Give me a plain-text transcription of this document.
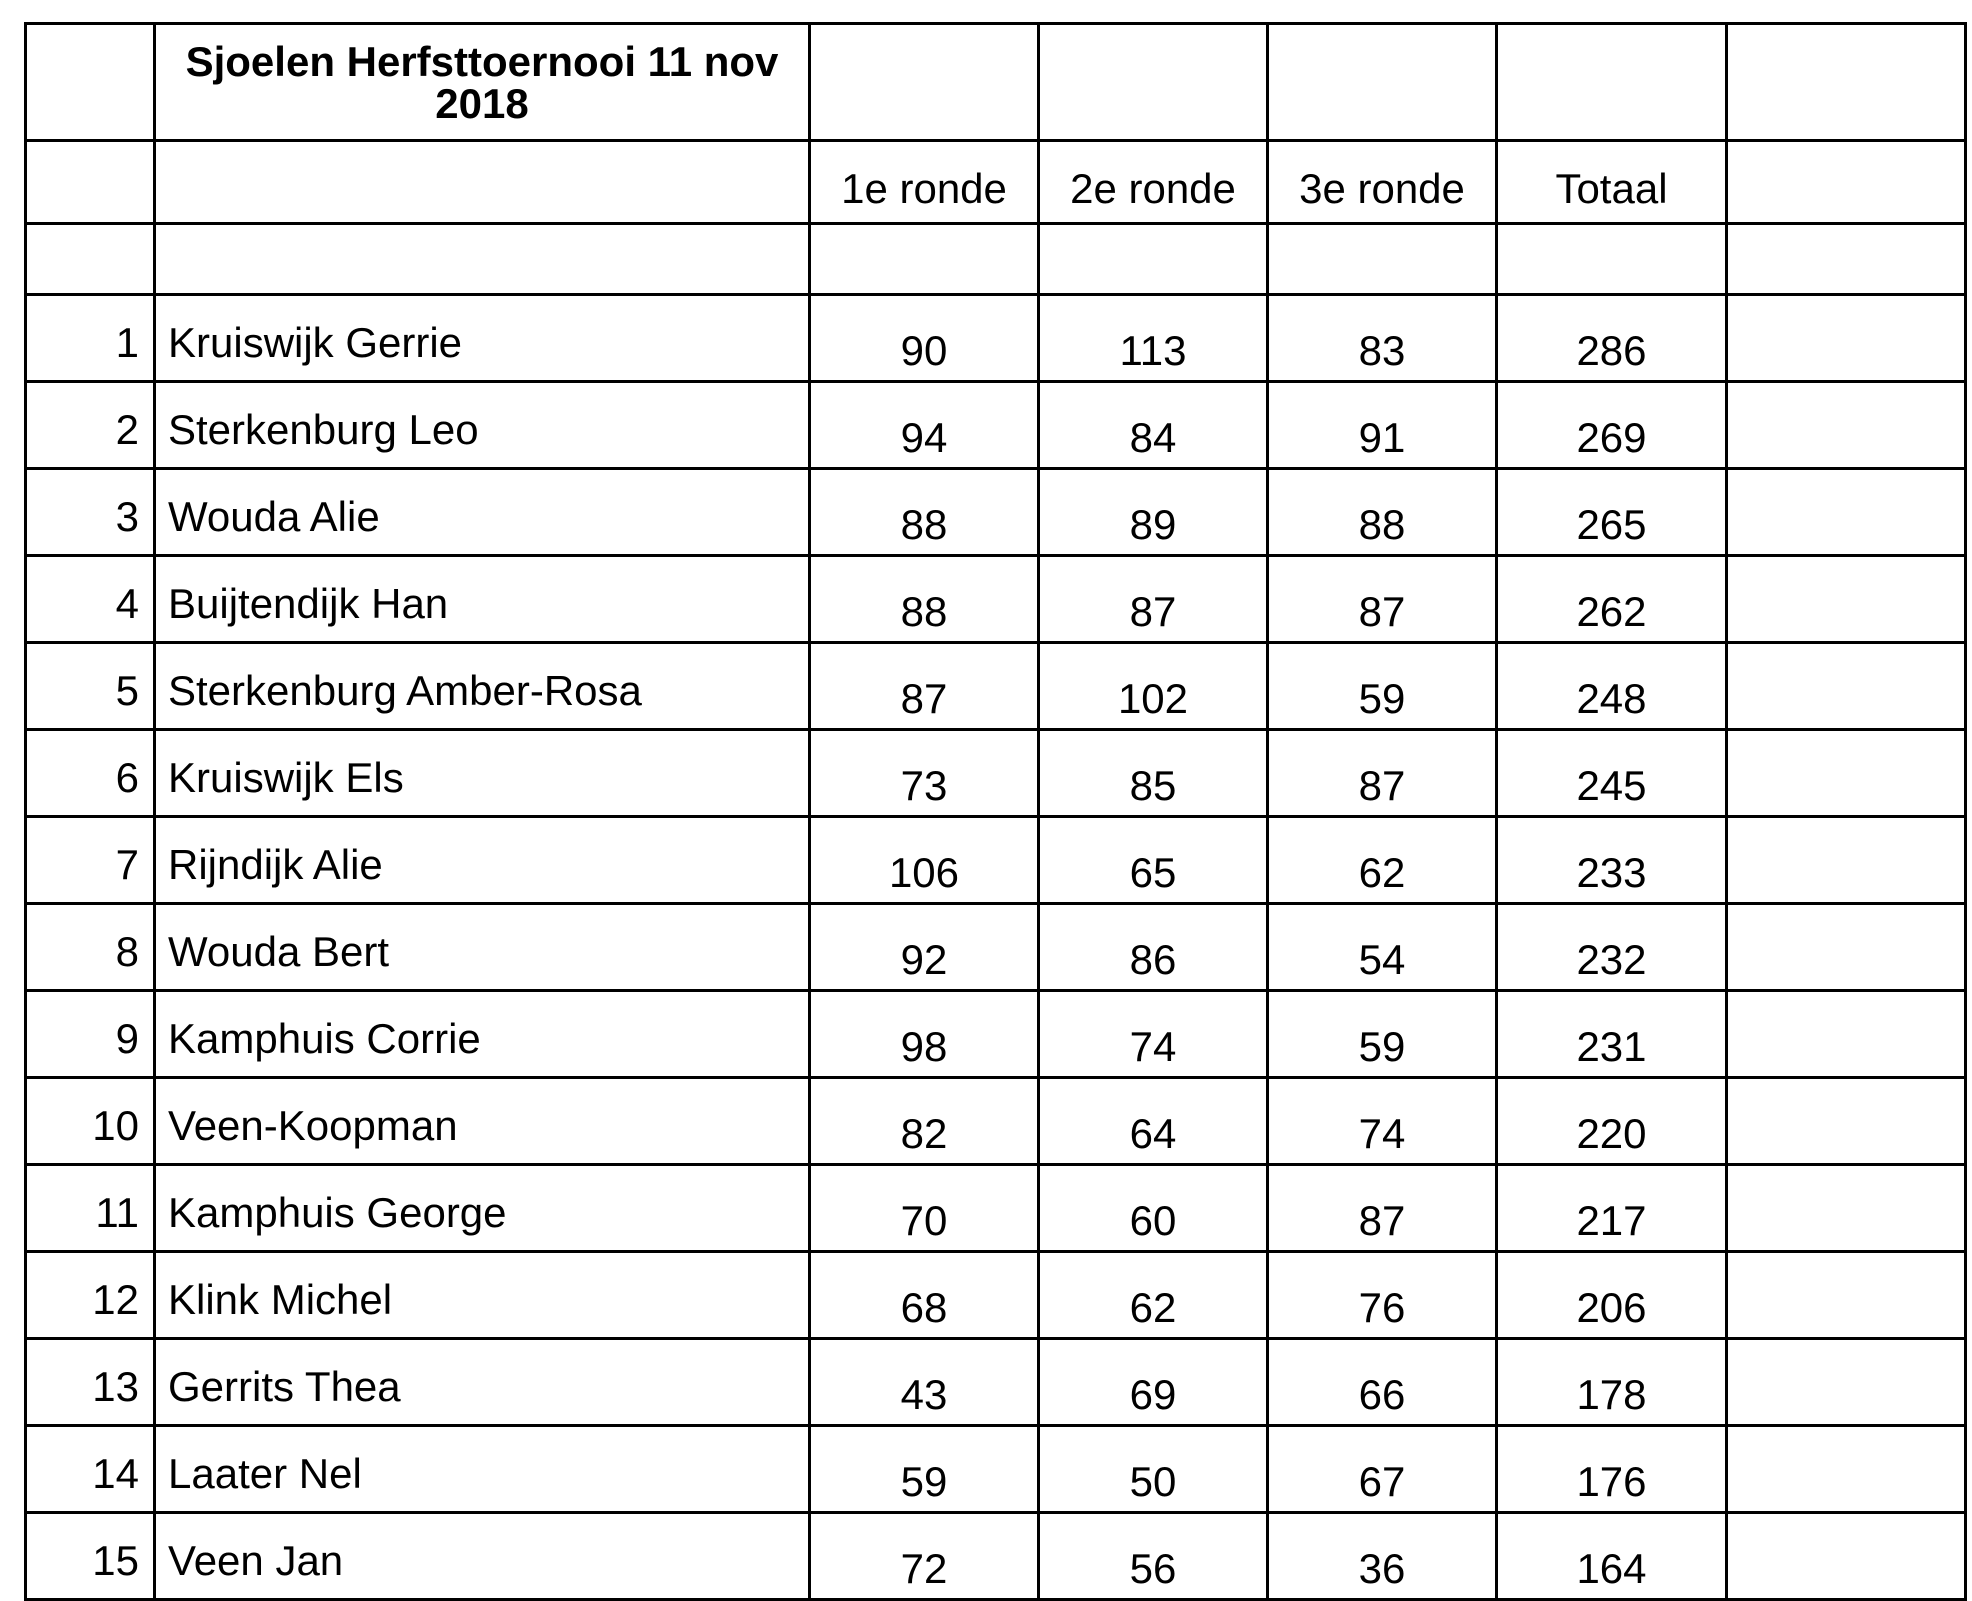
	Sjoelen Herfsttoernooi 11 nov 2018					
		1e ronde	2e ronde	3e ronde	Totaal	

1	Kruiswijk Gerrie	90	113	83	286	
2	Sterkenburg Leo	94	84	91	269	
3	Wouda Alie	88	89	88	265	
4	Buijtendijk Han	88	87	87	262	
5	Sterkenburg Amber-Rosa	87	102	59	248	
6	Kruiswijk Els	73	85	87	245	
7	Rijndijk Alie	106	65	62	233	
8	Wouda Bert	92	86	54	232	
9	Kamphuis Corrie	98	74	59	231	
10	Veen-Koopman	82	64	74	220	
11	Kamphuis George	70	60	87	217	
12	Klink Michel	68	62	76	206	
13	Gerrits Thea	43	69	66	178	
14	Laater Nel	59	50	67	176	
15	Veen Jan	72	56	36	164	
